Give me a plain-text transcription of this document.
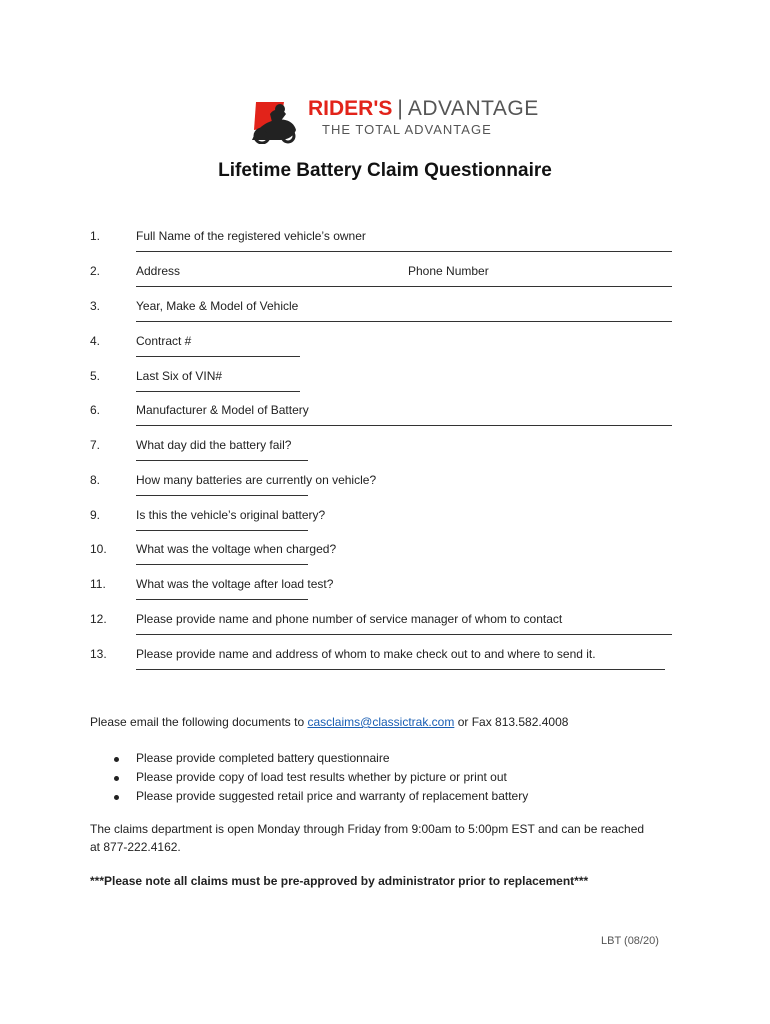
RIDER'S | ADVANTAGE
THE TOTAL ADVANTAGE
Lifetime Battery Claim Questionnaire
1.	Full Name of the registered vehicle’s owner
2.	Address	Phone Number
3.	Year, Make & Model of Vehicle
4.	Contract #
5.	Last Six of VIN#
6.	Manufacturer & Model of Battery
7.	What day did the battery fail?
8.	How many batteries are currently on vehicle?
9.	Is this the vehicle’s original battery?
10. What was the voltage when charged?
11.	What was the voltage after load test?
12. Please provide name and phone number of service manager of whom to contact
13. Please provide name and address of whom to make check out to and where to send it.
Please email the following documents to casclaims@classictrak.com or Fax 813.582.4008
Please provide completed battery questionnaire
Please provide copy of load test results whether by picture or print out
Please provide suggested retail price and warranty of replacement battery
The claims department is open Monday through Friday from 9:00am to 5:00pm EST and can be reached
at 877-222.4162.
***Please note all claims must be pre-approved by administrator prior to replacement***
LBT (08/20)
